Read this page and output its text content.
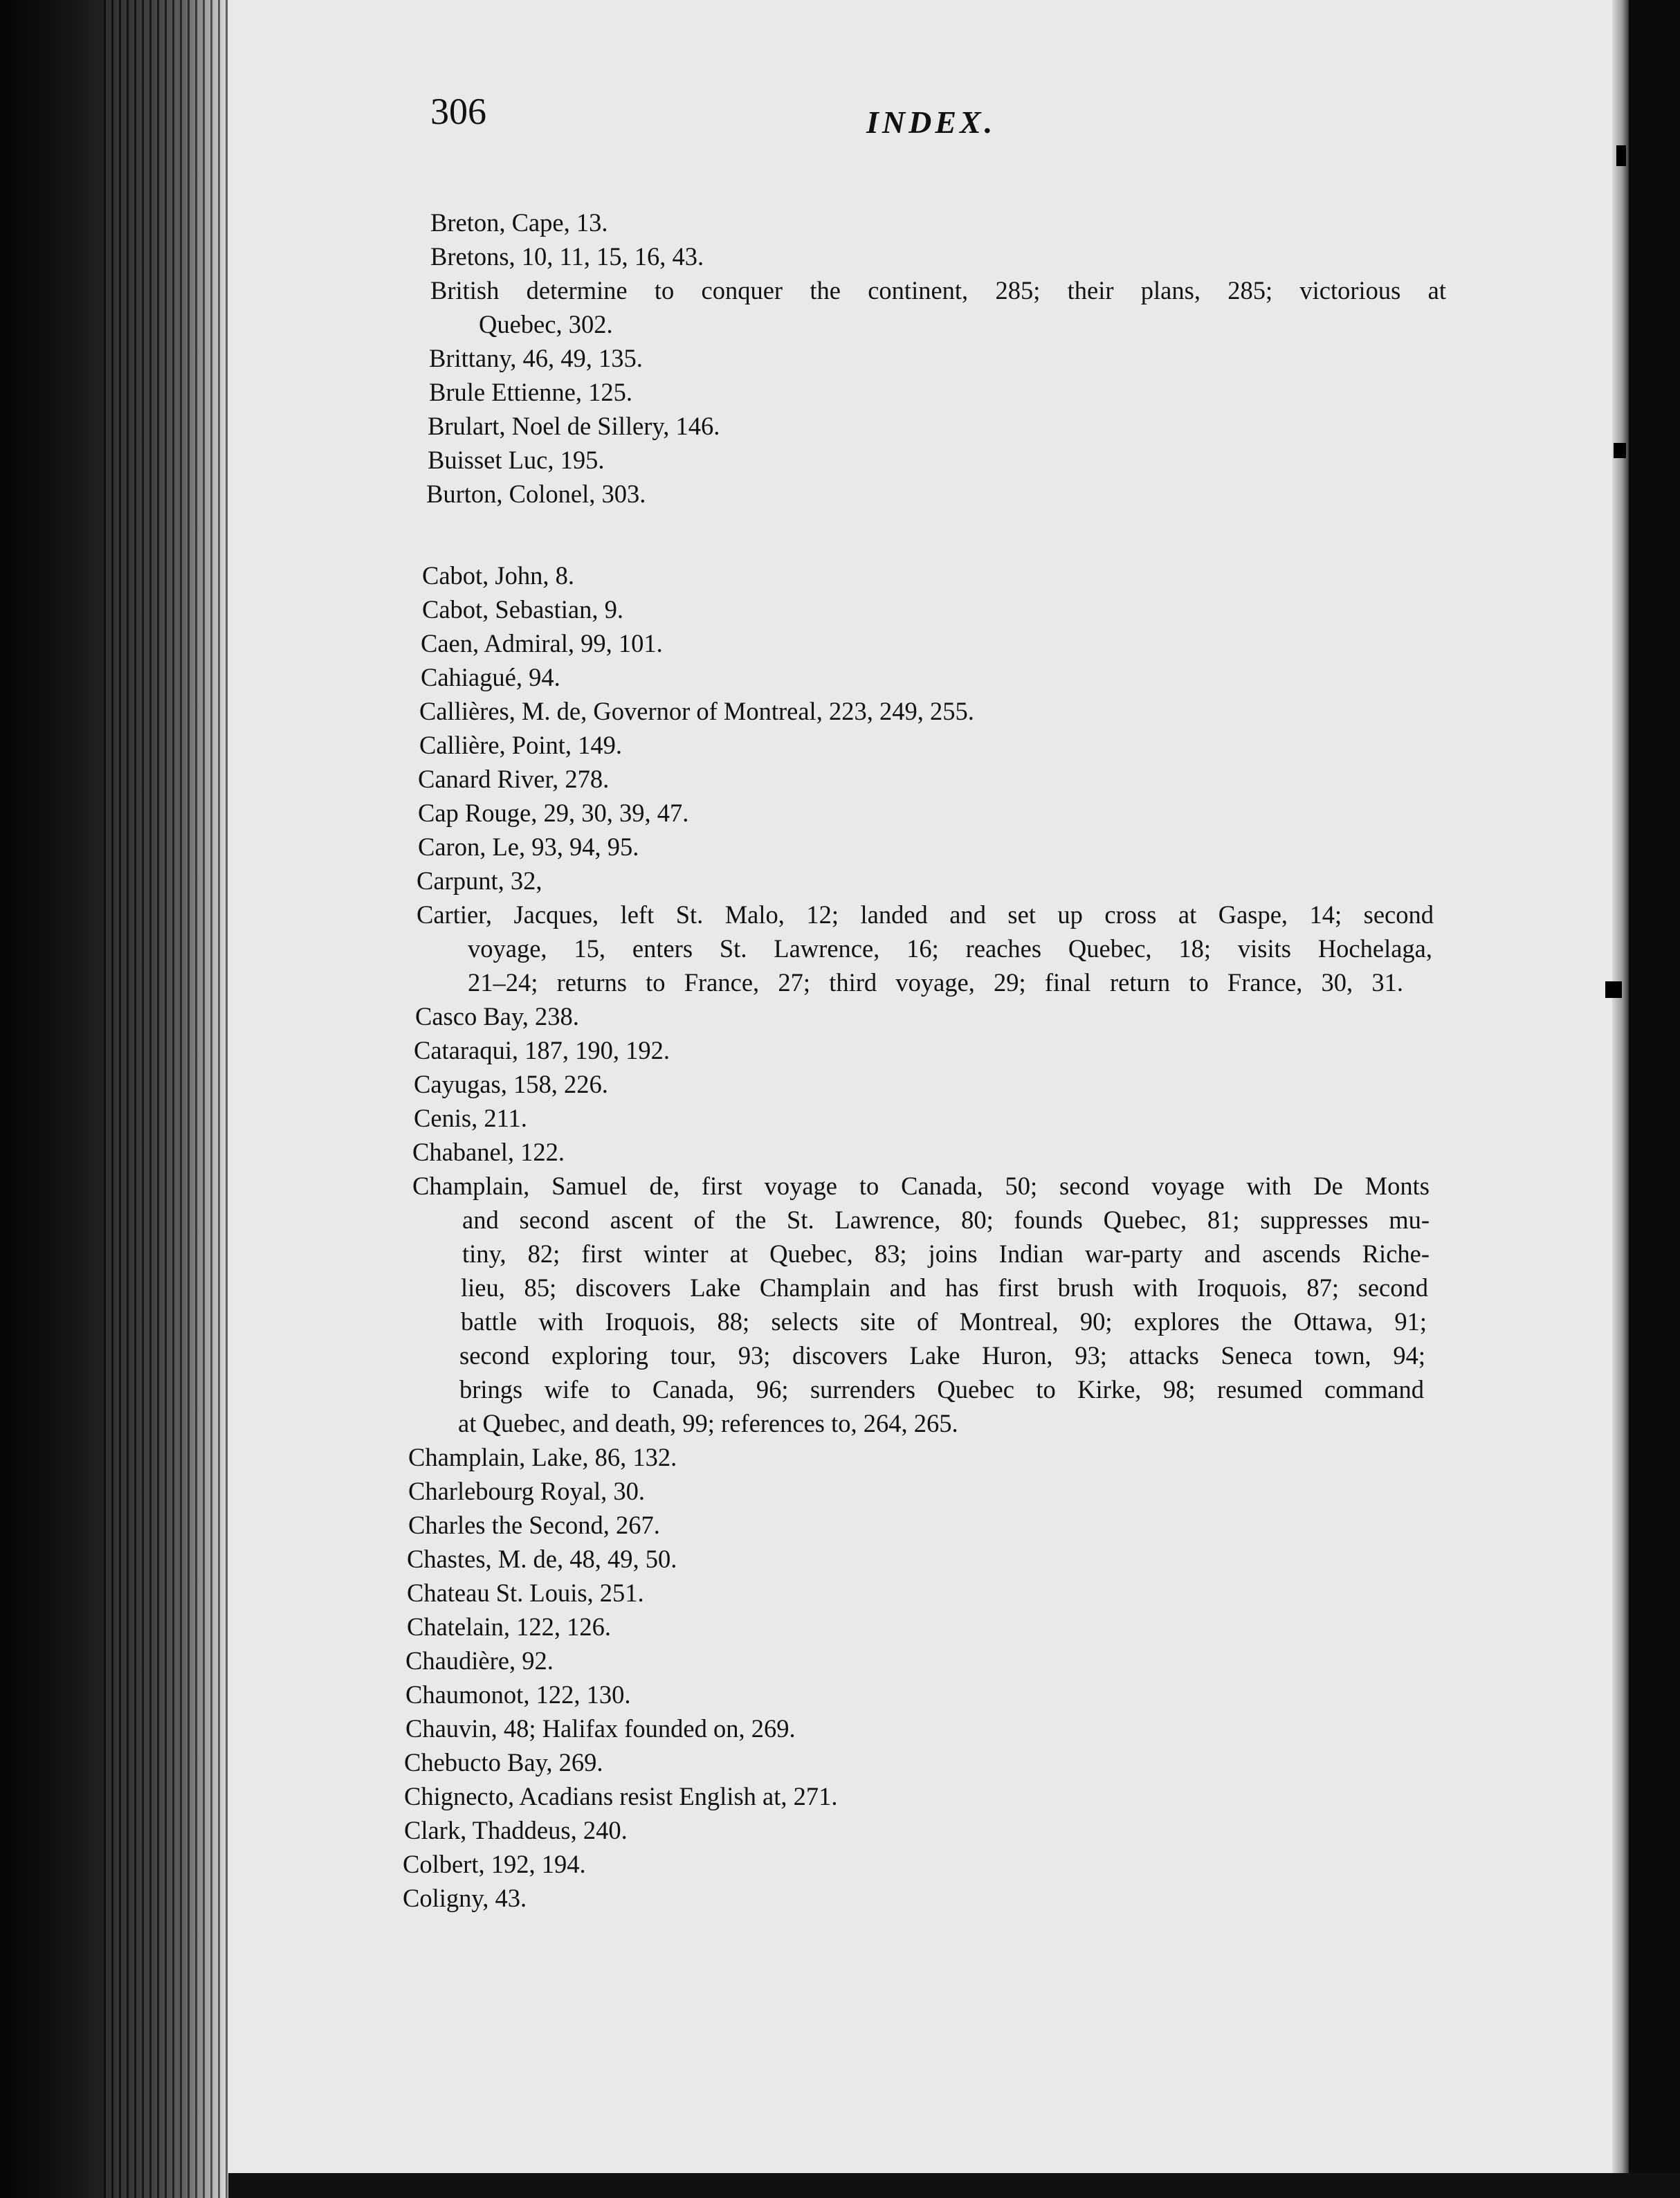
306	INDEX.
Breton, Cape, 13.
Bretons, 10, 11, 15, 16, 43.
British determine to conquer the continent, 285; their plans, 285; victorious at
Quebec, 302.
Brittany, 46, 49, 135.
Brule Ettienne, 125.
Brulart, Noel de Sillery, 146.
Buisset Luc, 195.
Burton, Colonel, 303.
Cabot, John, 8.
Cabot, Sebastian, 9.
Caen, Admiral, 99, 101.
Cahiagué, 94.
Callières, M. de, Governor of Montreal, 223, 249, 255.
Callière, Point, 149.
Canard River, 278.
Cap Rouge, 29, 30, 39, 47.
Caron, Le, 93, 94, 95.
Carpunt, 32,
Cartier, Jacques, left St. Malo, 12; landed and set up cross at Gaspe, 14; second
voyage, 15, enters St. Lawrence, 16; reaches Quebec, 18; visits Hochelaga,
21–24; returns to France, 27; third voyage, 29; final return to France, 30, 31.
Casco Bay, 238.
Cataraqui, 187, 190, 192.
Cayugas, 158, 226.
Cenis, 211.
Chabanel, 122.
Champlain, Samuel de, first voyage to Canada, 50; second voyage with De Monts
and second ascent of the St. Lawrence, 80; founds Quebec, 81; suppresses mu-
tiny, 82; first winter at Quebec, 83; joins Indian war-party and ascends Riche-
lieu, 85; discovers Lake Champlain and has first brush with Iroquois, 87; second
battle with Iroquois, 88; selects site of Montreal, 90; explores the Ottawa, 91;
second exploring tour, 93; discovers Lake Huron, 93; attacks Seneca town, 94;
brings wife to Canada, 96; surrenders Quebec to Kirke, 98; resumed command
at Quebec, and death, 99; references to, 264, 265.
Champlain, Lake, 86, 132.
Charlebourg Royal, 30.
Charles the Second, 267.
Chastes, M. de, 48, 49, 50.
Chateau St. Louis, 251.
Chatelain, 122, 126.
Chaudière, 92.
Chaumonot, 122, 130.
Chauvin, 48; Halifax founded on, 269.
Chebucto Bay, 269.
Chignecto, Acadians resist English at, 271.
Clark, Thaddeus, 240.
Colbert, 192, 194.
Coligny, 43.
